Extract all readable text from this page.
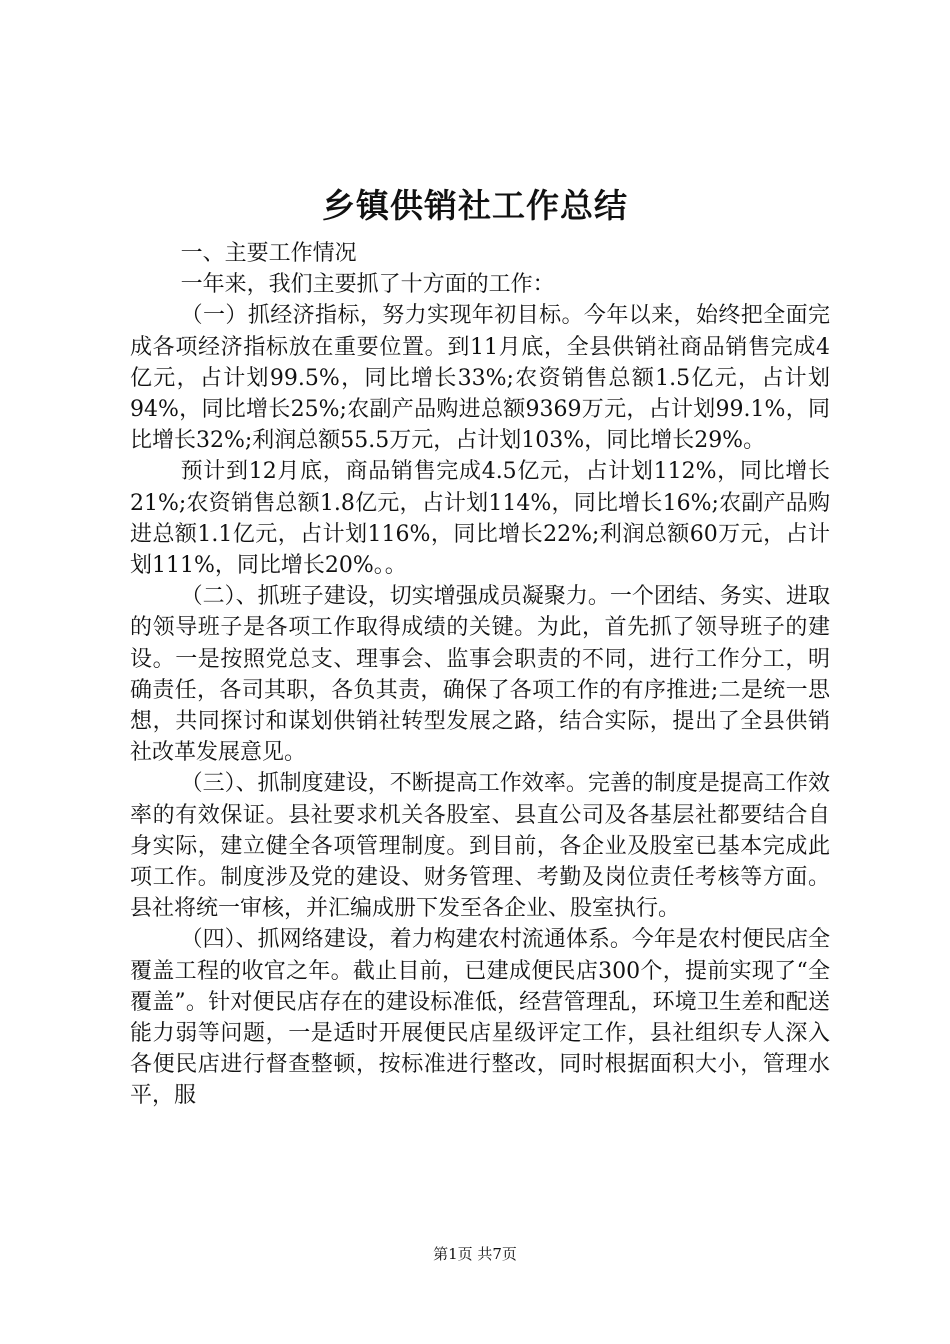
乡镇供销社工作总结

一、主要工作情况

一年来，我们主要抓了十方面的工作：

（一）抓经济指标，努力实现年初目标。今年以来，始终把全面完成各项经济指标放在重要位置。到11月底，全县供销社商品销售完成4亿元，占计划99.5%，同比增长33%;农资销售总额1.5亿元，占计划94%，同比增长25%;农副产品购进总额9369万元，占计划99.1%，同比增长32%;利润总额55.5万元，占计划103%，同比增长29%。

预计到12月底，商品销售完成4.5亿元，占计划112%，同比增长21%;农资销售总额1.8亿元，占计划114%，同比增长16%;农副产品购进总额1.1亿元，占计划116%，同比增长22%;利润总额60万元，占计划111%，同比增长20%。。

（二）、抓班子建设，切实增强成员凝聚力。一个团结、务实、进取的领导班子是各项工作取得成绩的关键。为此，首先抓了领导班子的建设。一是按照党总支、理事会、监事会职责的不同，进行工作分工，明确责任，各司其职，各负其责，确保了各项工作的有序推进;二是统一思想，共同探讨和谋划供销社转型发展之路，结合实际，提出了全县供销社改革发展意见。

（三）、抓制度建设，不断提高工作效率。完善的制度是提高工作效率的有效保证。县社要求机关各股室、县直公司及各基层社都要结合自身实际，建立健全各项管理制度。到目前，各企业及股室已基本完成此项工作。制度涉及党的建设、财务管理、考勤及岗位责任考核等方面。县社将统一审核，并汇编成册下发至各企业、股室执行。

（四）、抓网络建设，着力构建农村流通体系。今年是农村便民店全覆盖工程的收官之年。截止目前，已建成便民店300个，提前实现了“全覆盖”。针对便民店存在的建设标准低，经营管理乱，环境卫生差和配送能力弱等问题，一是适时开展便民店星级评定工作，县社组织专人深入各便民店进行督查整顿，按标准进行整改，同时根据面积大小，管理水平，服

第1页 共7页
